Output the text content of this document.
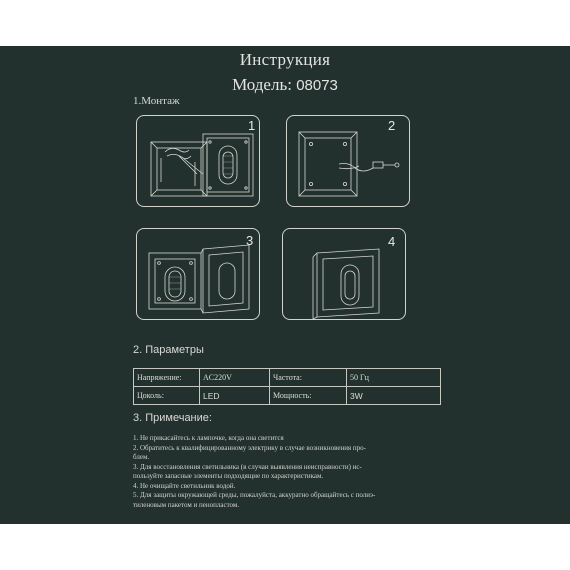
Инструкция
Модель: 08073
1.Монтаж
1	2
3	4
2. Параметры
Напряжение:	AC220V	Частота:	50 Гц
Цоколь:	LED	Мощность:	3W
3. Примечание:
1. Не прикасайтесь к лампочке, когда она светится
2. Обратитесь к квалифицированному электрику в случае возникновения про-
блем.
3. Для восстановления светильника (в случаи выявления неисправности) ис-
пользуйте запасные элементы подходящие по характеристикам.
4. Не очищайте светильник водой.
5. Для защиты окружающей среды, пожалуйста, аккуратно обращайтесь с полиэ-
тиленовым пакетом и пенопластом.
